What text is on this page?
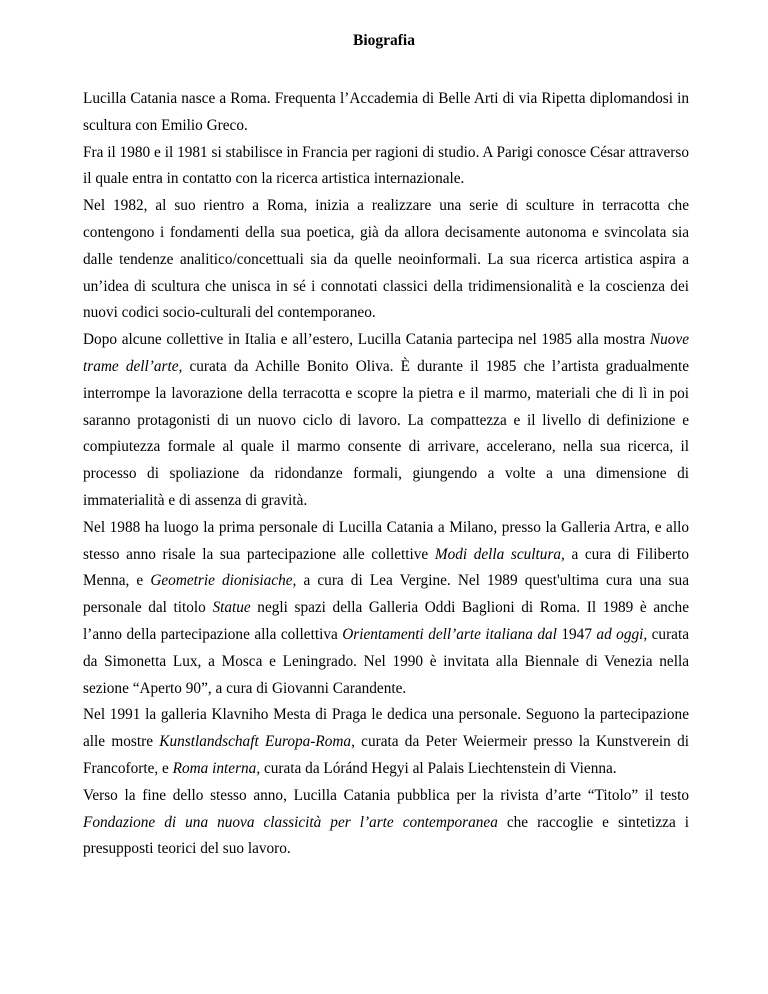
Biografia

Lucilla Catania nasce a Roma. Frequenta l’Accademia di Belle Arti di via Ripetta diplomandosi in scultura con Emilio Greco.

Fra il 1980 e il 1981 si stabilisce in Francia per ragioni di studio. A Parigi conosce César attraverso il quale entra in contatto con la ricerca artistica internazionale.

Nel 1982, al suo rientro a Roma, inizia a realizzare una serie di sculture in terracotta che contengono i fondamenti della sua poetica, già da allora decisamente autonoma e svincolata sia dalle tendenze analitico/concettuali sia da quelle neoinformali. La sua ricerca artistica aspira a un’idea di scultura che unisca in sé i connotati classici della tridimensionalità e la coscienza dei nuovi codici socio-culturali del contemporaneo.

Dopo alcune collettive in Italia e all’estero, Lucilla Catania partecipa nel 1985 alla mostra Nuove trame dell’arte, curata da Achille Bonito Oliva. È durante il 1985 che l’artista gradualmente interrompe la lavorazione della terracotta e scopre la pietra e il marmo, materiali che di lì in poi saranno protagonisti di un nuovo ciclo di lavoro. La compattezza e il livello di definizione e compiutezza formale al quale il marmo consente di arrivare, accelerano, nella sua ricerca, il processo di spoliazione da ridondanze formali, giungendo a volte a una dimensione di immaterialità e di assenza di gravità.

Nel 1988 ha luogo la prima personale di Lucilla Catania a Milano, presso la Galleria Artra, e allo stesso anno risale la sua partecipazione alle collettive Modi della scultura, a cura di Filiberto Menna, e Geometrie dionisiache, a cura di Lea Vergine. Nel 1989 quest'ultima cura una sua personale dal titolo Statue negli spazi della Galleria Oddi Baglioni di Roma. Il 1989 è anche l’anno della partecipazione alla collettiva Orientamenti dell’arte italiana dal 1947 ad oggi, curata da Simonetta Lux, a Mosca e Leningrado. Nel 1990 è invitata alla Biennale di Venezia nella sezione “Aperto 90”, a cura di Giovanni Carandente.

Nel 1991 la galleria Klavniho Mesta di Praga le dedica una personale. Seguono la partecipazione alle mostre Kunstlandschaft Europa-Roma, curata da Peter Weiermeir presso la Kunstverein di Francoforte, e Roma interna, curata da Lóránd Hegyi al Palais Liechtenstein di Vienna.

Verso la fine dello stesso anno, Lucilla Catania pubblica per la rivista d’arte “Titolo” il testo Fondazione di una nuova classicità per l’arte contemporanea che raccoglie e sintetizza i presupposti teorici del suo lavoro.
